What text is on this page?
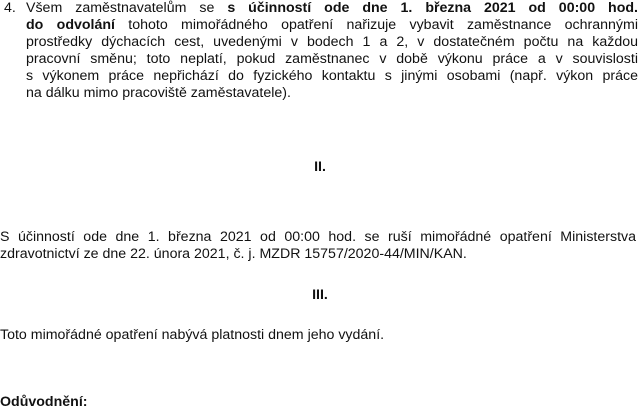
4. Všem zaměstnavatelům se s účinností ode dne 1. března 2021 od 00:00 hod.
do odvolání tohoto mimořádného opatření nařizuje vybavit zaměstnance ochrannými
prostředky dýchacích cest, uvedenými v bodech 1 a 2, v dostatečném počtu na každou
pracovní směnu; toto neplatí, pokud zaměstnanec v době výkonu práce a v souvislosti
s výkonem práce nepřichází do fyzického kontaktu s jinými osobami (např. výkon práce
na dálku mimo pracoviště zaměstavatele).
II.
S účinností ode dne 1. března 2021 od 00:00 hod. se ruší mimořádné opatření Ministerstva
zdravotnictví ze dne 22. února 2021, č. j. MZDR 15757/2020-44/MIN/KAN.
III.
Toto mimořádné opatření nabývá platnosti dnem jeho vydání.
Odůvodnění:
